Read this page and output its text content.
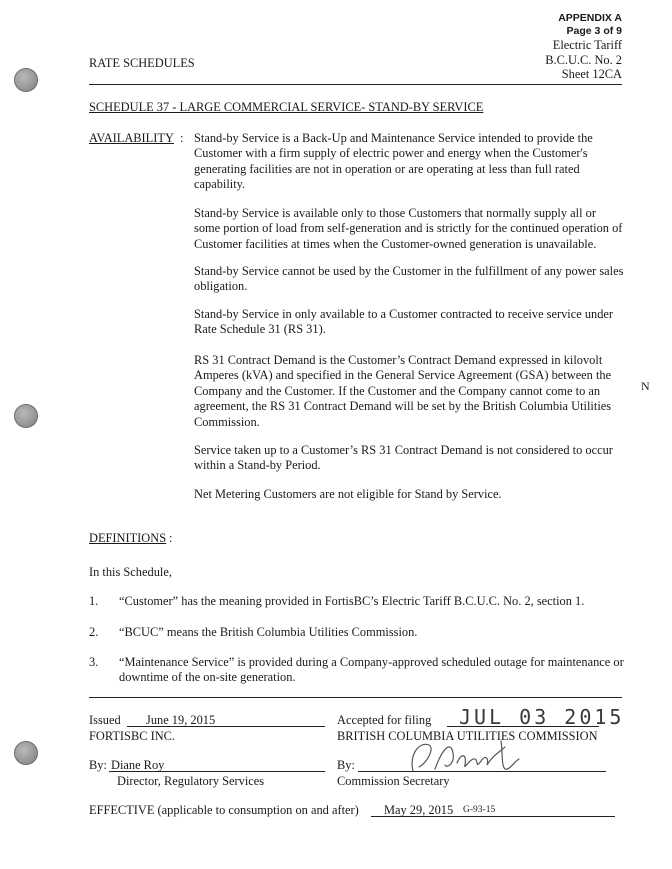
APPENDIX A
Page 3 of 9
Electric Tariff
B.C.U.C. No. 2
Sheet 12CA
RATE SCHEDULES
SCHEDULE 37 - LARGE COMMERCIAL SERVICE- STAND-BY SERVICE
AVAILABILITY : Stand-by Service is a Back-Up and Maintenance Service intended to provide the Customer with a firm supply of electric power and energy when the Customer's generating facilities are not in operation or are operating at less than full rated capability.
Stand-by Service is available only to those Customers that normally supply all or some portion of load from self-generation and is strictly for the continued operation of Customer facilities at times when the Customer-owned generation is unavailable.
Stand-by Service cannot be used by the Customer in the fulfillment of any power sales obligation.
Stand-by Service in only available to a Customer contracted to receive service under Rate Schedule 31 (RS 31).
RS 31 Contract Demand is the Customer’s Contract Demand expressed in kilovolt Amperes (kVA) and specified in the General Service Agreement (GSA) between the Company and the Customer. If the Customer and the Company cannot come to an agreement, the RS 31 Contract Demand will be set by the British Columbia Utilities Commission.
Service taken up to a Customer’s RS 31 Contract Demand is not considered to occur within a Stand-by Period.
Net Metering Customers are not eligible for Stand by Service.
N
DEFINITIONS :
In this Schedule,
1. “Customer” has the meaning provided in FortisBC’s Electric Tariff B.C.U.C. No. 2, section 1.
2. “BCUC” means the British Columbia Utilities Commission.
3. “Maintenance Service” is provided during a Company-approved scheduled outage for maintenance or downtime of the on-site generation.
Issued June 19, 2015
FORTISBC INC.
By: Diane Roy
Director, Regulatory Services
Accepted for filing JUL 03 2015
BRITISH COLUMBIA UTILITIES COMMISSION
By:
Commission Secretary
EFFECTIVE (applicable to consumption on and after) May 29, 2015 G-93-15
